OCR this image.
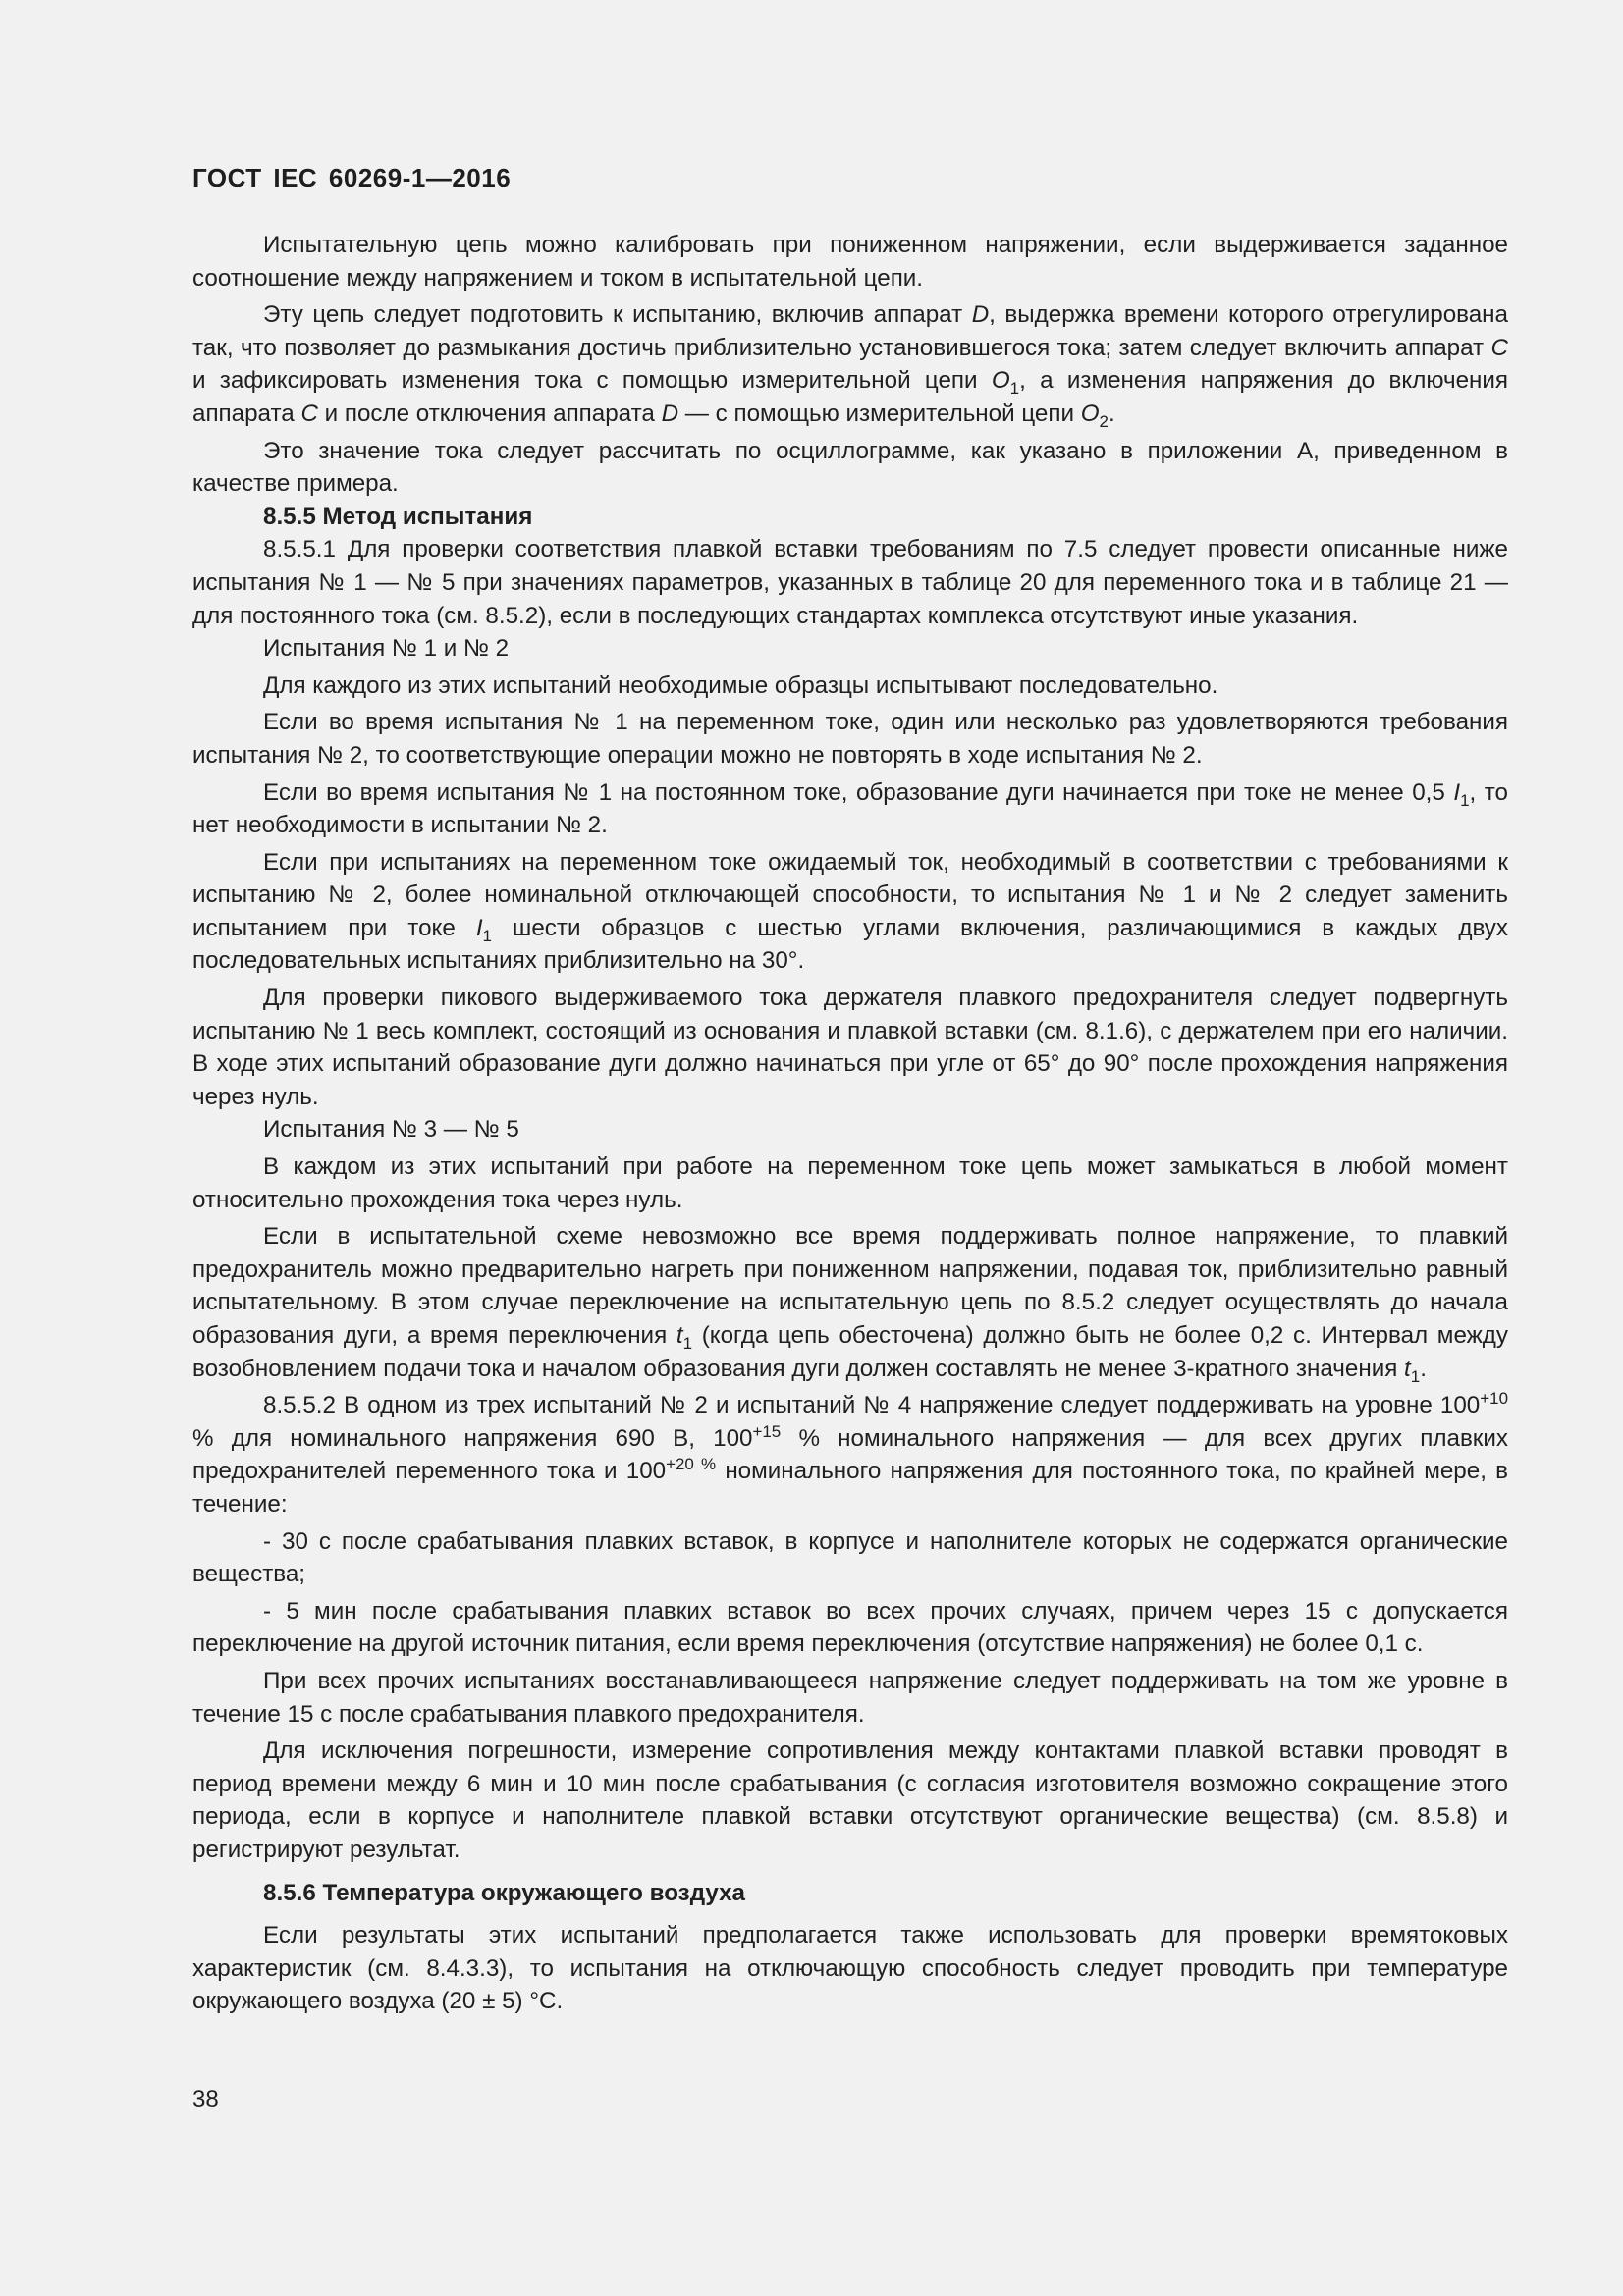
ГОСТ IEC 60269-1—2016

Испытательную цепь можно калибровать при пониженном напряжении, если выдерживается заданное соотношение между напряжением и током в испытательной цепи.

Эту цепь следует подготовить к испытанию, включив аппарат D, выдержка времени которого отрегулирована так, что позволяет до размыкания достичь приблизительно установившегося тока; затем следует включить аппарат С и зафиксировать изменения тока с помощью измерительной цепи $О_1$, а изменения напряжения до включения аппарата С и после отключения аппарата D — с помощью измерительной цепи $О_2$.

Это значение тока следует рассчитать по осциллограмме, как указано в приложении А, приведенном в качестве примера.

8.5.5 Метод испытания

8.5.5.1 Для проверки соответствия плавкой вставки требованиям по 7.5 следует провести описанные ниже испытания № 1 — № 5 при значениях параметров, указанных в таблице 20 для переменного тока и в таблице 21 — для постоянного тока (см. 8.5.2), если в последующих стандартах комплекса отсутствуют иные указания.

Испытания № 1 и № 2

Для каждого из этих испытаний необходимые образцы испытывают последовательно.

Если во время испытания № 1 на переменном токе, один или несколько раз удовлетворяются требования испытания № 2, то соответствующие операции можно не повторять в ходе испытания № 2.

Если во время испытания № 1 на постоянном токе, образование дуги начинается при токе не менее 0,5 $I_1$, то нет необходимости в испытании № 2.

Если при испытаниях на переменном токе ожидаемый ток, необходимый в соответствии с требованиями к испытанию № 2, более номинальной отключающей способности, то испытания № 1 и № 2 следует заменить испытанием при токе $I_1$ шести образцов с шестью углами включения, различающимися в каждых двух последовательных испытаниях приблизительно на 30°.

Для проверки пикового выдерживаемого тока держателя плавкого предохранителя следует подвергнуть испытанию № 1 весь комплект, состоящий из основания и плавкой вставки (см. 8.1.6), с держателем при его наличии. В ходе этих испытаний образование дуги должно начинаться при угле от 65° до 90° после прохождения напряжения через нуль.

Испытания № 3 — № 5

В каждом из этих испытаний при работе на переменном токе цепь может замыкаться в любой момент относительно прохождения тока через нуль.

Если в испытательной схеме невозможно все время поддерживать полное напряжение, то плавкий предохранитель можно предварительно нагреть при пониженном напряжении, подавая ток, приблизительно равный испытательному. В этом случае переключение на испытательную цепь по 8.5.2 следует осуществлять до начала образования дуги, а время переключения $t_1$ (когда цепь обесточена) должно быть не более 0,2 с. Интервал между возобновлением подачи тока и началом образования дуги должен составлять не менее 3-кратного значения $t_1$.

8.5.5.2 В одном из трех испытаний № 2 и испытаний № 4 напряжение следует поддерживать на уровне $100^{+10}$ % для номинального напряжения 690 В, $100^{+15}$ % номинального напряжения — для всех других плавких предохранителей переменного тока и $100^{+20 \%}$ номинального напряжения для постоянного тока, по крайней мере, в течение:

- 30 с после срабатывания плавких вставок, в корпусе и наполнителе которых не содержатся органические вещества;

- 5 мин после срабатывания плавких вставок во всех прочих случаях, причем через 15 с допускается переключение на другой источник питания, если время переключения (отсутствие напряжения) не более 0,1 с.

При всех прочих испытаниях восстанавливающееся напряжение следует поддерживать на том же уровне в течение 15 с после срабатывания плавкого предохранителя.

Для исключения погрешности, измерение сопротивления между контактами плавкой вставки проводят в период времени между 6 мин и 10 мин после срабатывания (с согласия изготовителя возможно сокращение этого периода, если в корпусе и наполнителе плавкой вставки отсутствуют органические вещества) (см. 8.5.8) и регистрируют результат.

8.5.6 Температура окружающего воздуха

Если результаты этих испытаний предполагается также использовать для проверки времятоковых характеристик (см. 8.4.3.3), то испытания на отключающую способность следует проводить при температуре окружающего воздуха (20 ± 5) °С.

38
